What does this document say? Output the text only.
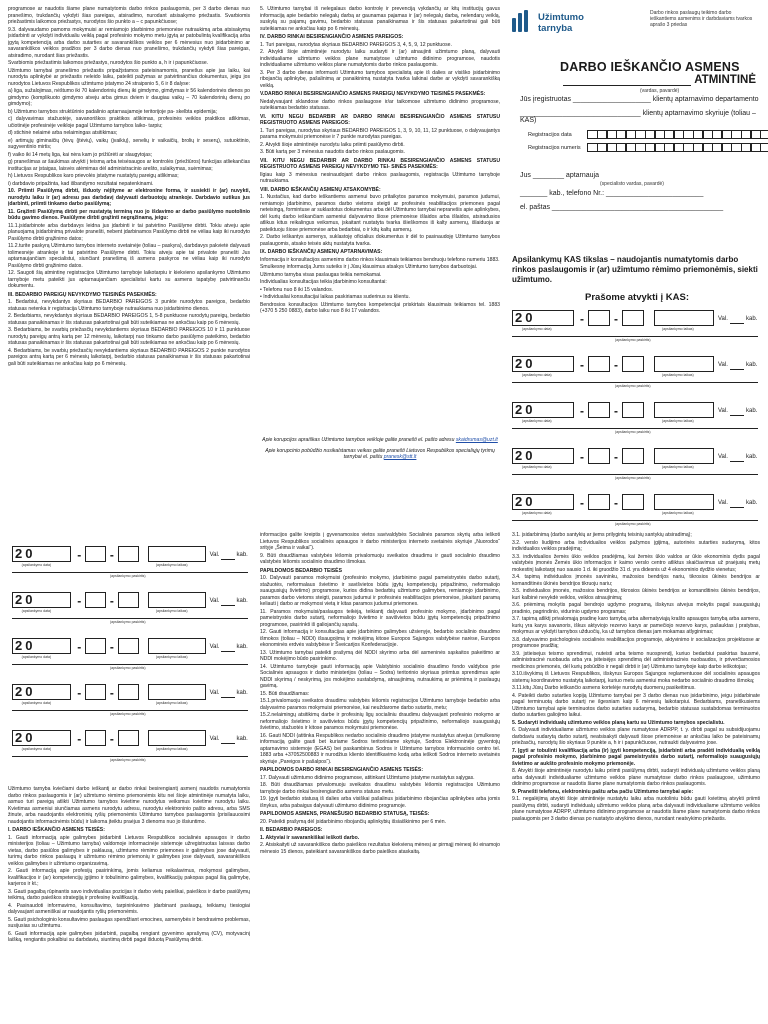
programose ar naudotis šiame plane numatytomis darbo rinkos paslaugomis, per 3 darbo dienas nuo pranešimo, trukdančių vykdyti šias pareigas, atsiradimo, nurodant atsisakymo priežastis. Svarbiomis priežastimis laikomos priežastys, nurodytos šio punkto a – c papunkčiuose;

9.3. dalyvaudamo pamoms mokymuisi ar remiamojo įdarbinimo priemonėse nutraukimą arba atsisakymą įsidarbinti ar vykdyti individualiu veiklą pagal profesinio mokymo metu įgytą ar patobulintą kvalifikaciją arba įgytą kompetenciją arba darbo sutarties ar savarankiškos veiklos per 6 mėnesius nuo įsidarbinimo ar savarankiškos veiklos pradžios per 3 darbo dienas nuo pranešimo, trukdančių vykdyti šias pareigas, atsiradimo, nurodant šias priežastis.

Svarbiomis priežastimis laikomos priežastys, nurodytos šio punkto a, h ir i papunkčiuose.

Užimtumo tarnybai pranešimo priežastis pripažįstamos pateisinamomis, pranešus apie jas laiku, kai nurodyta aplinkybė ar priežastis neleido laiku, pateikti pažymas ar patvirtinančius dokumentus, jeigu jos nurodytos Lietuvos Respublikos užimtumo įstatymo 24 straipsnio 5, 6 ir 8 dalyse:

a) liga, sužalojimas, nėštumo iki 70 kalendorinių dienų iki gimdymo, gimdymas ir 56 kalendorinės dienos po gimdymo (komplikuoto gimdymo atveju arba gimus dviem ir daugiau vaikų – 70 kalendorinių dienų po gimdymo);

b) Užimtumo tarnybos struktūrinio padalinio aptarnaujamoje teritorijoje pa- skelbta epidemija;

c) dalyvavimas stažuotėje, savanoriškos praktikos atlikimas, profesinės veiklos praktikos atlikimas, učiotinėje profesinėje veikloje pagal Užimtumo tarnybos laiko- tarpiu;

d) stichinė nelaimė arba nelaimingas atsitikimas;

e) artimųjų giminaičių (tėvų (įtėvių), vaikų (įvaikių), senelių ir vaikaičių, brolių ir seserų), sutuoktinio, sugyventinio mirtis;

f) vaiko iki 14 metų liga, kai nėra kam jo prižiūrėti ar slaugytojas;

g) pranešimas ar šaukimas atvykti į teismą arba teisėsaugos ar kontrolės (priežiūros) funkcijas atliekančias institucijas ar įstaigas, laisvės atėmimas dėl administracinio arešto, sulaikymas, suėmimas;

h) Lietuvos Respublikos karo prievolės įstatyme nustatytų pareigų atlikimas;

i) darbdavio pripažinta, kad išbandymo rezultatai nepatenkinami.

10. Priimti Pasiūlymą dirbti, išduoty nėjityme ar elektronine forma, ir susiekti ir (ar) nuvykti, nurodytu laiku ir (ar) adresu pas darbdavį dalyvauti darbuotojų atrankoje. Darbdavio sutikus jus įdarbinti, priimti tinkamo darbo pasiūlymą;

11. Grąžinti Pasiūlymą dirbti per nustatytą terminą nuo jo išdavimo ar darbo pasiūlymo nuotolinio būdu gavimo dienos. Pasiūlyme dirbti grąžinti negrąžinamą, jeigu:

11.1.įsidarbinote arba darbdavys leidna jus įdarbinti ir tai patvirtino Pasiūlyme dirbti. Tokiu atveju apie planuojamą įsidarbinimą privalote pranešti, nebent įdarbinamos Pasiūlymo dirbti ne vėliau kaip iki nurodyto Pasiūlymo dirbti grąžinimo datos;

11.2.turite paskyrą Užimtumo tarnybos interneto svetainėje (toliau – paskyra), darbdavys pakvietė dalyvauti tolimesnėje atrankoje ir tai patvirtino Pasiūlyme dirbti. Tokiu atveju apie tai privalote pranešti Jus aptarnaujančiam specialistui, siunčiant pranešimą iš asmens paskyros ne vėliau kaip iki nurodyto Pasiūlymo dirbti grąžinimo datos.

12. Saugoti šią atmintinę registracijos Užimtumo tarnyboje laikotarpiu ir kiekvieno apsilankymo Užimtumo tarnyboje metu pateikti jus aptarnaujančiam specialistui kartu su asmens tapatybę patvirtinančiu dokumentu.

III. BEDARBIO PAREIGŲ NEVYKDYMO TEISINĖS PASEKMĖS:

1. Bedarbiui, nevykdantys skyriaus BEDARBIO PAREIGOS 3 punkte nurodytos pareigos, bedarbio statusas netenka ir registracija Užimtumo tarnyboje nutraukiama nuo įsidarbinimo dienos.

2. Bedarbiams, nevykdantys skyriaus BEDARBIO PAREIGOS 1, 5-8 punktuose nurodytų pareigų, bedarbio statusas panaikinamas ir šis statusas pakartotinai gali būti suteikiamas ne anksčiau kaip po 6 mėnesių.

3. Bedarbiams, be svarbių priežasčių nevykdantiems skyriaus BEDARBIO PAREIGOS 10 ir 11 punktuose nurodytų pareigų antrą kartą per 12 mėnesių, laikotarpį nuo tinkamo darbo pasiūlymo pateikimo, bedarbio statusas panaikinamas ir šis statusas pakartotinai gali būti suteikiamas ne anksčiau kaip po 6 mėnesių.

4. Bedarbiams, be svarbių priežasčių nevykdantiems skyriaus BEDARBIO PAREIGOS 2 punkte nurodytos pareigos antrą kartą per 6 mėnesių laikotarpį, bedarbio statusas panaikinamas ir šis statusas pakartotinai gali būti suteikiamas ne anksčiau kaip po 6 mėnesių.

5. Užimtumo tarnybai iš nelegalaus darbo kontrolę ir prevenciją vykdančių ar kitų institucijų gavus informaciją apie bedarbio nelegalų darbą ar gaunamas pajamas ir (ar) nelegalų darbą, nelendarų veiklą, suskylą su pajamų gavimu, bedarbio statusas panaikinamas ir šis statusas pakartotinai gali būti suteikiamas ne anksčiau kaip po 6 mėnesių.

IV. DARBO RINKAI BESIRENGIANČIO ASMENS PAREIGOS:

1. Turi pareigas, nurodytas skyriaus BEDARBIO PAREIGOS 3, 4, 5, 9, 12 punktuose.

2. Atvykti šioje atmintinėje nurodytu laiku sudaryti ir (ar) atnaujinti užimtumo planą, dalyvauti individualiame užimtumo veiklos plane numatytose užimtumo didinimo programose, naudotis individualiame užimtumo veiklos plane numatytomis darbo rinkos paslaugomis.

3. Per 3 darbo dienas informuoti Užimtumo tarnybos specialistą apie iš dalies ar visiško įsidarbinimo ribojančią aplinkybę, pašalinimą ar panaikinimą nustatyta tvarka laikinai darbe ar vykdyti savarankišką veiklą.

V.DARBO RINKAI BESIRENGIANČIO ASMENS PAREIGŲ NEVYKDYMO TEISINĖS PASEKMĖS:

Nedalyvaujant sklandose darbo rinkos paslaugose ir/ar taikomose užimtumo didinimo programose, suteikiamas bedarbio statusas.

VI. KITU NEGU BEDARBIR AR DARBO RINKAI BESIRENGIANČIO ASMENS STATUSU REGISTRUOTO ASMENS PAREIGOS:

1. Turi pareigas, nurodytas skyriaus BEDARBIO PAREIGOS 1, 3, 9, 10, 11, 12 punktuose, o dalyvaujantys parama mokymuisi priemonėse ir 7 punkte nurodytas pareigas.

2. Atvykti šioje atmintinėje nurodytu laiku priimti pasiūlymo dirbti.

3. Būti kartą per 3 mėnesius naudotis darbo rinkos paslaugomis.

VII. KITU NEGU BEDARBIR AR DARBO RINKAI BESIRENGIANČIO ASMENS STATUSU REGISTRUOTO ASMENS PAREIGŲ NEVYKDYMO TEI- SINĖS PASEKMĖS:

Ilgiau kaip 3 mėnesius nesinaudojant darbo rinkos paslaugomis, registracija Užimtumo tarnyboje nutraukiama.

VIII. DARBO IEŠKANČIŲ ASMENŲ ATSAKOMYBĖ:

1. Nustačius, kad darbo ieškantiems asmenui buvo pritaikytos paramos mokymuisi, paramos judumui, remiamojo įdarbinimo, paramos darbo vietoms steigti ar profesinės reabilitacijos priemones pagal neteisingą, formintuse ar suklastotus dokumentus arba dėl Užimtumo tarnybai nepranešis apie aplinkybes, dėl kurių darbo ieškančiam asmeniui dalyvavimo šiose priemonėse išlaidos arba išlaidos, atsiradusios atlikus kitus reikalingus veiksmus, įskaitant nustatyta tvarka išieškomos iš kalty asmenų, išlaiduoja ar pateiktuoju šiose priemonėse arba bedarbiai, o ir kitų kaltų asmenų.

2. Darbo ieškantys asmenys, suklastoję oficialius dokumentus ir dėl to pasinaudoję Užimtumo tarnybos paslaugomis, atsako teisės aktų nustatyta tvarka.

IX. DARBO IEŠKANČIŲ ASMENŲ APTARNAVIMAS:

Informacija ir konsultacijos asmenims darbo rinkos klausimais teikiamos bendruoju telefono numeriu 1883.

Smulkesnę informaciją Jums suteiks ir į Jūsų klausimus atsakys Užimtumo tarnybos darbuotojai.

Užimtumo tarnyba visas paslaugas teikia nemokamai.

Individualias konsultacijas teikia įdarbinimo konsultantai:

• Telefonu nuo 8 iki 15 valandos.

• Individualiai konsultacijai laikas paskiriamas suderinus su klientu.

Bendrosios konsultacijos Užimtumo tarnybos kompetencijai priskirtais klausimais teikiamos tel. 1883 (+370 5 250 0883), darbo laiku nuo 8 iki 17 valandos.

Apie korupcijos apraiškas Užimtumo tarnybos veikloje galite pranešti el. pašto adresu skaidrumas@uzt.lt

Apie korupcinio pobūdžio nusikalstamas veikas galite pranešti Lietuvos Respublikos specialiųjų tyrimų tarnybai el. paštu pranesk@stt.lt

Užimtumo
tarnyba
Darbo rinkos paslaugų teikimo darbo ieškantiems asmenims ir darbdaviams tvarkos aprašo 3 priedas
DARBO IEŠKANČIO ASMENS
ATMINTINĖ
(vardas, pavardė)
Jūs įregistruotas ____________________ klientų aptarnavimo departamento
_______________________________ klientų aptarnavimo skyriuje (toliau – KAS)
Registracijos data
Registracijos numeris
Jus ________ aptarnauja
(specialisto vardas, pavardė)
_______ kab., telefono Nr.: _________________________
el. paštas ____________________________________________
Apsilankymų KAS tikslas – naudojantis numatytomis darbo rinkos paslaugomis ir (ar) užimtumo rėmimo priemonėmis, siekti užimtumo.
Prašome atvykti į KAS:
20	-	-	Val.	kab.
(apsilankymo data)	(apsilankymo laikas)
(apsilankymo paskirtis)
20	-	-	Val.	kab.
(apsilankymo data)	(apsilankymo laikas)
(apsilankymo paskirtis)
20	-	-	Val.	kab.
(apsilankymo data)	(apsilankymo laikas)
(apsilankymo paskirtis)
20	-	-	Val.	kab.
(apsilankymo data)	(apsilankymo laikas)
(apsilankymo paskirtis)
20	-	-	Val.	kab.
(apsilankymo data)	(apsilankymo laikas)
(apsilankymo paskirtis)
20	- -	Val.	kab.
(apsilankymo data)	(apsilankymo laikas)
(apsilankymo paskirtis)
20	- -	Val.	kab.
(apsilankymo data)	(apsilankymo laikas)
(apsilankymo paskirtis)
20	- -	Val.	kab.
(apsilankymo data)	(apsilankymo laikas)
(apsilankymo paskirtis)
20	- -	Val.	kab.
(apsilankymo data)	(apsilankymo laikas)
(apsilankymo paskirtis)
20	- -	Val.	kab.
(apsilankymo data)	(apsilankymo laikas)
(apsilankymo paskirtis)

Užimtumo tarnyba kviečiami darbo ieškantį ar darbo rinkai besirengiantį asmenį naudotis numatytomis darbo rinkos paslaugomis ir (ar) užimtumo rėmimo priemonėmis kitu nei šioje atmintinėje numatyta laiku, asmuo turi pareigą atlikti Užimtumo tarnybos kvietime nurodytus veiksmus kvietime nurodytu laiku. Kvietimas asmeniui siunčiamas asmens nurodytu adresu, nurodytu elektroninio pašto adresu, arba SMS žinute, arba naudojantis elektroninių ryšių priemonėmis Užimtumo tarnybos paslaugomis (prisilauuosimi naudojantis informacinėmis būdu) ir laikoma įteiktu praėjus 3 dienoms nuo jo išsiuntimo.

I. DARBO IEŠKANČIO ASMENS TEISĖS:

1. Gauti informaciją apie galimybes įsidarbinti Lietuvos Respublikos socialinės apsaugos ir darbo ministerijos (toliau – Užimtumo tarnyba) valdomoje informacinėje sistemoje užregistruotas laisvas darbo vietas, darbo pasiūlos galimybes ir paklausą, užimtumo rėmimo priemones ir galimybes jose dalyvauti, turimų darbo rinkos paslaugų ir užimtumo rėmimo priemonių ir galimybes jose dalyvauti, savarankiškos veiklos galimybes ir užimtumo organizavimą.

2. Gauti informaciją apie profesijų pasirinkimą, jomis keliamus reikalavimus, mokymosi galimybes, kvalifikacijos ir (ar) kompetencijų įgijimo ir tobulinimo galimybes, kvalifikacijų pakopas pagal šią galimybę, karjeros ir kt.;

3. Gauti pagalbą rūpinantis savo individualias pozicijas ir darbo vietų paieškai, paieškos ir darbo pasiūlymų teikimą, darbo paieškos strategiją ir profesinę kvalifikaciją.

4. Pasinaudoti informavimo, konsultavimo, tarpininkavimo įdarbinant paslaugų, teikiamų tiesiogiai dalyvaujant asmeniškai ar naudojantis ryšių priemonėmis.

5. Gauti psichologinio konsultavimo paslaugas spendžiant emocines, asmenybės ir bendravimo problemas, susijusias su užimtumu.

6. Gauti informaciją apie galimybes įsidarbinti, pagalbą rengiant gyvenimo aprašymą (CV), motyvacinį laišką, rengiantis pokalbiui su darbdaviu, siuntimą dirbti pagal išduotą Pasiūlymą dirbti.

informacijos galite kreiptis į gyvenamosios vietos savivaldybės Socialinės paramos skyrių arba ieškoti Lietuvos Respublikos socialinės apsaugos ir darbo ministerijos interneto svetainės skyriuje „Nuorodos“ srityje „Šeima ir vaikai“).

9. Būti draudžiamas valstybės lėšomis privalomuoju sveikatos draudimu ir gauti socialinio draudimo valstybės lėšomis socialinio draudimo išmokas.

PAPILDOMOS BEDARBIO TEISĖS

10. Dalyvauti paramos mokymuisi (profesinio mokymo, įdarbinimo pagal pameistrystės darbo sutartį, stažuotės, neformalaus švietimo ir savišvietos būdu įgytų kompetencijų pripažinimo, neformaliojo suaugusiųjų švietimo) programose, kurios didina bedarbių užimtumo galimybes, remiamojo įdarbinimo, paramos darbo vietoms steigti, paramos judumui ir profesinės reabilitacijos priemonėse, įskaitant paramą keliauti į darbo ar mokymosi vietą ir kitas paramos judumui priemones.

11. Paramos mokymuisi/paslaugos teikėją, teikiantį dalyvauti profesinio mokymo, įdarbinimo pagal pameistrystės darbo sutartį, neformaliojo švietimo ir savišvietos būdu įgytų kompetencijų pripažinimo programose, pasirinkti iš galiojančių sąrašų.

12. Gauti informaciją ir konsultacijas apie įdarbinimo galimybes užsienyje, bedarbio socialinio draudimo išmokos (toliau – NDDI) išsaugojimą ir mokėjimą kitose Europos Sąjungos valstybėse narėse, Europos ekonominės erdvės valstybėse ir Šveicarijos Konfederacijoje.

13. Užimtumo tarnybai pateikti prašymą dėl NDDI skyrimo arba dėl asmeninės sąskaitos pakeitimo ar NDDI mokėjimo būdo pasirinkimo.

14. Užimtumo tarnyboje gauti informaciją apie Valstybinio socialinio draudimo fondo valdybos prie Socialinės apsaugos ir darbo ministerijos (toliau – Sodra) teritorinio skyriaus priimtus sprendimus apie NDDI skyrimą / neskyrimą, jos mokėjimo sustabdymą, atnaujinimą, nutraukimą ar priėmimą ir paslaugų gavimą.

15. Būti draudžiamas:

15.1.privalomuoju sveikatos draudimu valstybės lėšomis registracijos Užimtumo tarnyboje bedarbio arba dalyvavimo paramos mokymuisi priemonėse, kai neuždarome darbo sutartis, metu;

15.2.nelaimingų atsitikimų darbe ir profesinių ligų socialiniu draudimu dalyvaujant profesinio mokymo ar neformaliojo švietimo ir savišvietos būdu įgytų kompetencijų pripažinimo, neformaliojo suaugusiųjų švietimo, stažuotės ir kitose paramos mokymuisi priemonėse.

16. Gauti NDDI (atitinka Respublikos nedarbo socialinio draudimo įstatyme nustatytus atvejus (smulkesnę informaciją galite gauti bet kuriame Sodros teritoriniame skyriuje, Sodros Elektroninėje gyventojų aptarnavimo sistemoje (EGAS) bei paskambinus Sodros ir Užimtumo tarnybos informacinio centro tel. 1883 arba +37052500883 ir nurodžius kliento identifikavimo kodą arba ieškoti Sodros interneto svetainės skyriuje „Pareigos ir pašalpos“).

PAPILDOMOS DARBO RINKAI BESIRENGIANČIO ASMENS TEISĖS:

17. Dalyvauti užimtumo didinimo programose, atitinkant Užimtumo įstatyme nustatytus sąlygas.

18. Būti draudžiamas privalomuoju sveikatos draudimu valstybės lėšomis registracijos Užimtumo tarnyboje darbo rinkai besirengiančio asmens statuso metu.

19. Įgyti bedarbio statusą iš dalies arba visiškai pašalinus įsidarbinimo ribojančias aplinkybes arba jomis išnykus, arba pabaigus dalyvauti užimtumo didinimo programoje.

PAPILDOMOS ASMENS, PRANEŠUSIO BEDARBIO STATUSĄ, TEISĖS:

20. Pateikti prašymą dėl įsidarbinimo ribojančių aplinkybių išsiaiškinimo per 6 mėn.

II. BEDARBIO PAREIGOS:

1. Aktyviai ir savarankiškai ieškoti darbo.

2. Atsiskaityti už savarankiškos darbo paieškos rezultatus kiekvieną mėnesį ar pirmąjį mėnesį iki einamojo mėnesio 15 dienos, pateikiant savarankiškos darbo paieškos ataskaitą.

3.1. įsidarbinimą (darbo santykių ar jiems prilygintų teisinių santykių atsiradimą);

3.2. verslo liudijimo arba individualios veiklos pažymos įgijimą, autorinės sutarties sudarymą, kitos individualios veiklos pradėjimą;

3.3. individualios žemės ūkio veiklos pradėjimą, kai žemės ūkio valdos ar ūkio ekonominis dydis pagal valstybės įmonės Žemės ūkio informacijos ir kaimo verslo centro atliktus skaičiavimus už praėjusių metų mokestinį laikotarpį nuo sausio 1 d. iki gruodžio 31 d. yra didesnis už 4 ekonominio dydžio vienetus;

3.4. tapimą individualios įmonės savininku, mažosios bendrijos nariu, tikrosios ūkinės bendrijos ar komanditinės ūkinės bendrijos tikruoju nariu;

3.5. individualios įmonės, mažosios bendrijos, tikrosios ūkinės bendrijos ar komanditinės ūkinės bendrijos, kuri kalbinė nevykdė veiklos, veiklos atnaujinimą;

3.6. priėmimą mokytis pagal bendrojo ugdymo programą, išskyrus atvejus mokytis pagal suaugusiųjų pradinio, pagrindinio, vidurinio ugdymo programas;

3.7. tapimą atliktį privalomąją pradinę karo tarnybą arba alternatyviąją krašto apsaugos tarnybą arba asmens, kurių yra karys savanoris, iškus aktyviojo rezervo karys ar pamečiojo rezervo karys, pašauktas į pratybas, mokymus ar vykdyti tarnybos užduočių, ka už tarnybos dienas jam mokamas atlyginimas;

3.8. dalyvavimo psichologinės socialinės reabilitacijos programoje, aktyvinimo ir socializacijos projektuose ar programose pradžią;

3.9. jstieisejus teismo sprendimui, nuteisti arba teismo nuosprendį, kuriuo bedarbiui paskirtas bausmė, administracinė nuobauda arba yra įsiteisėjęs sprendimą dėl administracinės nuobaudos, ir priverčiamosios medicinos priemonės, dėl kurių pobūdžio ir negali dirbti ir (ar) Užimtumo tarnyboje kaip darbo ieškotojas;

3.10.išvykimą iš Lietuvos Respublikos, išskyrus Europos Sąjungos reglamentuose dėl socialinės apsaugos sistemų koordinavimo nustatytą laikotarpį, kuriuo metu asmeniui moka nedarbo socialinio draudimo išmoką;

3.11.kitų Jūsų Darbo ieškančio asmens kortelėje nurodytų duomenų pasikeitimus.

4. Pateikti darbo sutarties kopiją Užimtumo tarnybai per 3 darbo dienas nuo įsidarbinimo, jeigu įsidarbinate pagal terminuotą darbo sutartį ne ilgesniam kaip 6 mėnesių laikotarpiui. Bedarbiams, praneškusiems Užimtumo tarnybai apie terminuotos darbo sutarties sudarymą, bedarbio statusas sustabdomas terminuotos darbo sutarties galiojimo laikui.

5. Sudaryti individualų užimtumo veiklos planą kartu su Užimtumo tarnybos specialistu.

6. Dalyvauti individualiame užimtumo veiklos plane numatytose ADRPP, t. y. dirbti pagal su subsidijuojamu darbdaviu sudarytą darbo sutartį, neatsisakyti dalyvauti šiose priemonėse ar anksčiau laiko be pateisinamų priežasčių, nurodytų šio skyriaus 9 punkte a, h ir i papunkčiuose, nutraukti dalyvavimo jose.

7. Įgyti ar tobulinti kvalifikaciją arba (ir) įgyti kompetenciją, įsidarbinti arba pradėti individualią veiklą pagal profesinio mokymo, įdarbinimo pagal pameistrystės darbo sutartį, neformaliojo suaugusiųjų švietimo ar aukšto profesinio mokymo priemonėje.

8. Atvykti šioje atmintinėje nurodytu laiku priimti pasiūlymą dirbti, sudaryti individualų užimtumo veiklos planą arba dalyvauti individualiame užimtumo veiklos plane numatytose darbo rinkos paslaugose, užimtumo didinimo programose ar naudotis šiame plane numatytomis darbo rinkos paslaugomis.

9. Pranešti telefonu, elektroniniu paštu arba pačiu Užimtumo tarnybai apie:

9.1. negalėjimą atvykti šioje atmintinėje nustatytu laiku arba nuotoliniu būdu gauti kvietimą atvykti priimti pasiūlymą dirbti, sudaryti individualų užimtumo veiklos planą arba dalyvauti individualiame užimtumo veiklos plane numatytose ADRPP, užimtumo didinimo programose ar naudotis šiame plane numatytomis darbo rinkos paslaugomis per 3 darbo dienas po nustatyto atvykimo dienos, nurodant neatvykimo priežastis.
